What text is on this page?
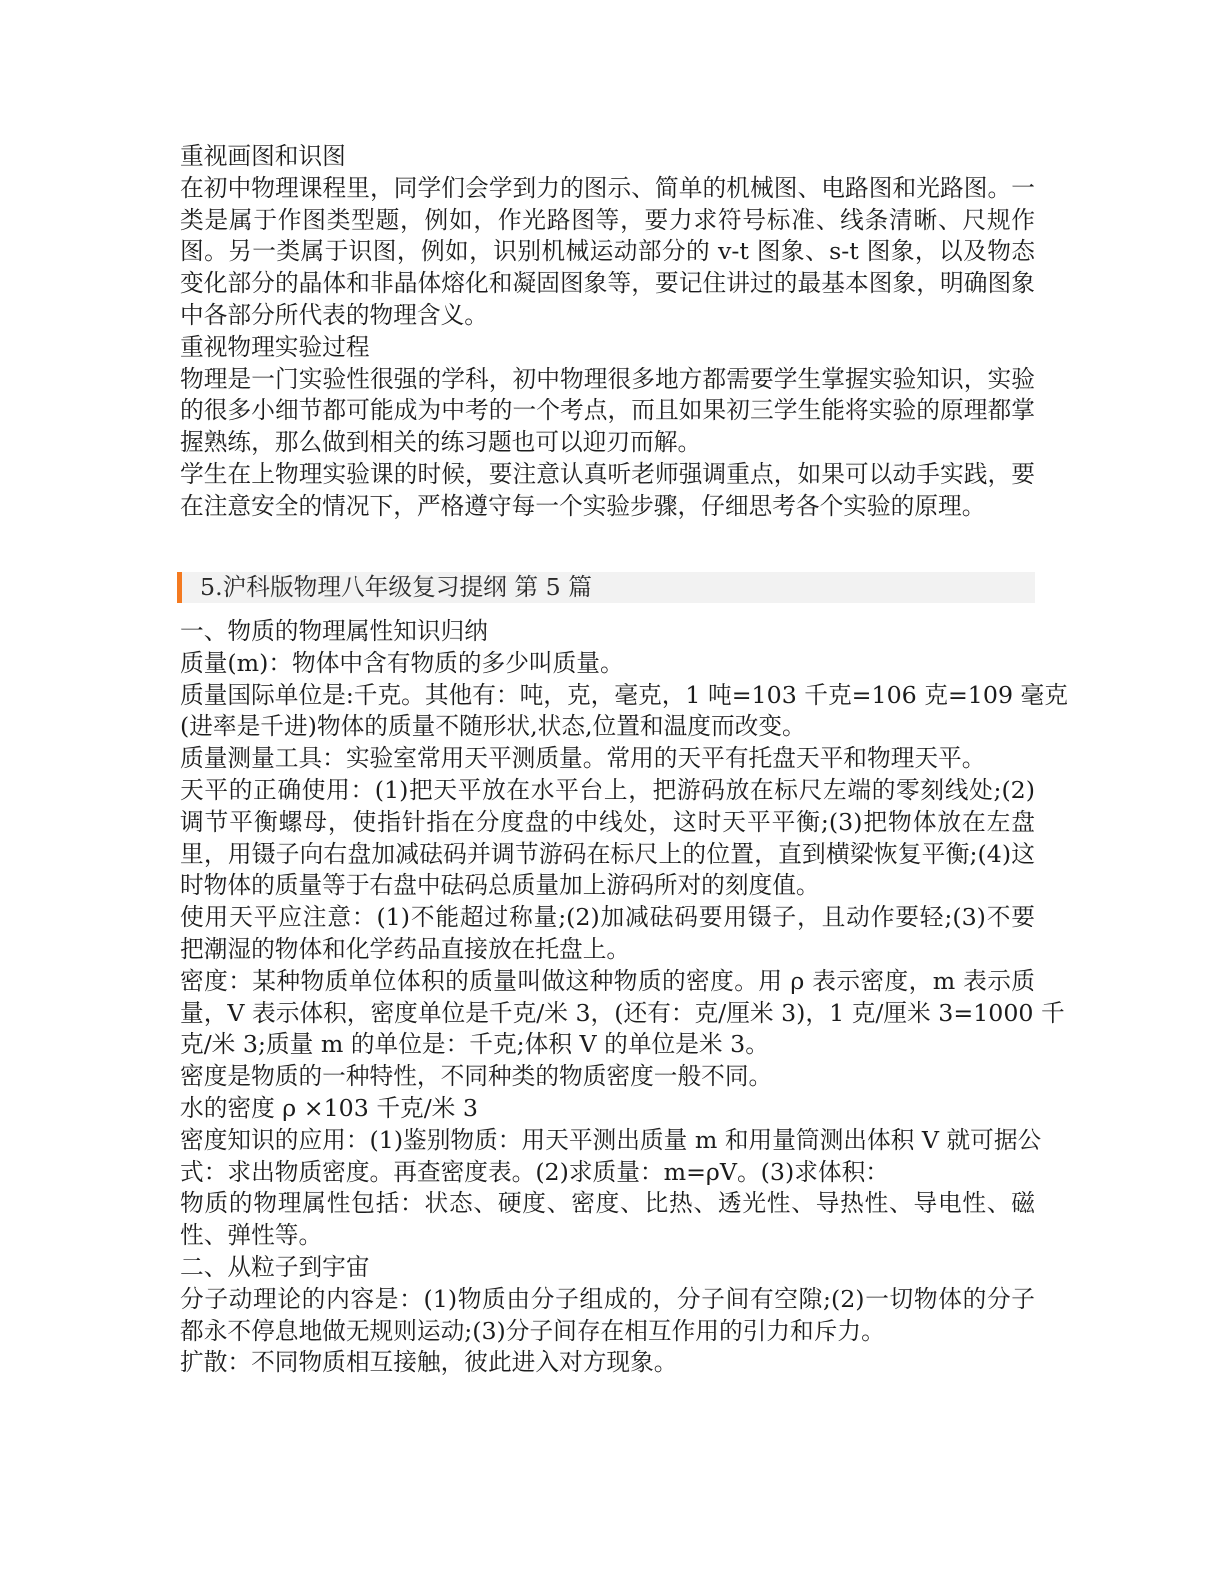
重视画图和识图
在初中物理课程里，同学们会学到力的图示、简单的机械图、电路图和光路图。一
类是属于作图类型题，例如，作光路图等，要力求符号标准、线条清晰、尺规作
图。另一类属于识图，例如，识别机械运动部分的 v-t 图象、s-t 图象，以及物态
变化部分的晶体和非晶体熔化和凝固图象等，要记住讲过的最基本图象，明确图象
中各部分所代表的物理含义。
重视物理实验过程
物理是一门实验性很强的学科，初中物理很多地方都需要学生掌握实验知识，实验
的很多小细节都可能成为中考的一个考点，而且如果初三学生能将实验的原理都掌
握熟练，那么做到相关的练习题也可以迎刃而解。
学生在上物理实验课的时候，要注意认真听老师强调重点，如果可以动手实践，要
在注意安全的情况下，严格遵守每一个实验步骤，仔细思考各个实验的原理。
5.沪科版物理八年级复习提纲 第 5 篇
一、物质的物理属性知识归纳
质量(m)：物体中含有物质的多少叫质量。
质量国际单位是:千克。其他有：吨，克，毫克，1 吨=103 千克=106 克=109 毫克
(进率是千进)物体的质量不随形状,状态,位置和温度而改变。
质量测量工具：实验室常用天平测质量。常用的天平有托盘天平和物理天平。
天平的正确使用：(1)把天平放在水平台上，把游码放在标尺左端的零刻线处;(2)
调节平衡螺母，使指针指在分度盘的中线处，这时天平平衡;(3)把物体放在左盘
里，用镊子向右盘加减砝码并调节游码在标尺上的位置，直到横梁恢复平衡;(4)这
时物体的质量等于右盘中砝码总质量加上游码所对的刻度值。
使用天平应注意：(1)不能超过称量;(2)加减砝码要用镊子，且动作要轻;(3)不要
把潮湿的物体和化学药品直接放在托盘上。
密度：某种物质单位体积的质量叫做这种物质的密度。用 ρ 表示密度，m 表示质
量，V 表示体积，密度单位是千克/米 3，(还有：克/厘米 3)，1 克/厘米 3=1000 千
克/米 3;质量 m 的单位是：千克;体积 V 的单位是米 3。
密度是物质的一种特性，不同种类的物质密度一般不同。
水的密度 ρ ×103 千克/米 3
密度知识的应用：(1)鉴别物质：用天平测出质量 m 和用量筒测出体积 V 就可据公
式：求出物质密度。再查密度表。(2)求质量：m=ρV。(3)求体积：
物质的物理属性包括：状态、硬度、密度、比热、透光性、导热性、导电性、磁
性、弹性等。
二、从粒子到宇宙
分子动理论的内容是：(1)物质由分子组成的，分子间有空隙;(2)一切物体的分子
都永不停息地做无规则运动;(3)分子间存在相互作用的引力和斥力。
扩散：不同物质相互接触，彼此进入对方现象。
